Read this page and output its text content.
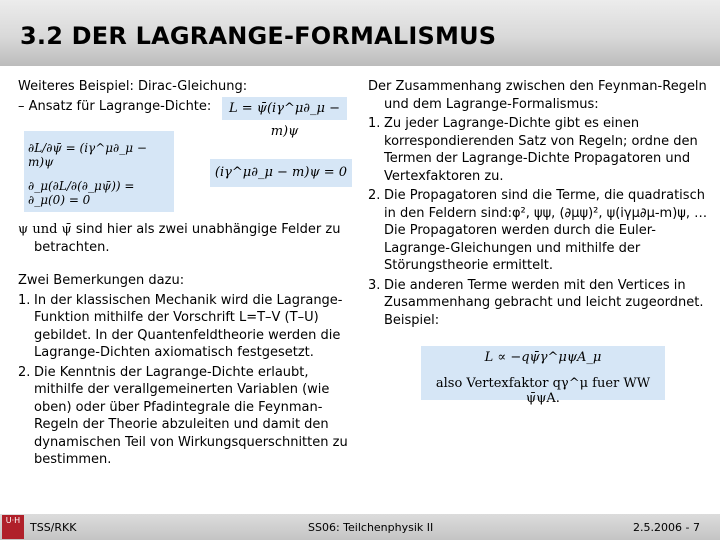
3.2 DER LAGRANGE-FORMALISMUS
Weiteres Beispiel: Dirac-Gleichung:
– Ansatz für Lagrange-Dichte:
ψ und ψ̄ sind hier als zwei unabhängige Felder zu betrachten.
Zwei Bemerkungen dazu:
1. In der klassischen Mechanik wird die Lagrange-Funktion mithilfe der Vorschrift L=T–V (T–U) gebildet. In der Quantenfeldtheorie werden die Lagrange-Dichten axiomatisch festgesetzt.
2. Die Kenntnis der Lagrange-Dichte erlaubt, mithilfe der verallgemeinerten Variablen (wie oben) oder über Pfadintegrale die Feynman-Regeln der Theorie abzuleiten und damit den dynamischen Teil von Wirkungsquerschnitten zu bestimmen.
L = ψ̄(iγ^μ∂_μ − m)ψ
∂L/∂ψ̄ = (iγ^μ∂_μ − m)ψ
∂_μ(∂L/∂(∂_μψ̄)) = ∂_μ(0) = 0
(iγ^μ∂_μ − m)ψ = 0
Der Zusammenhang zwischen den Feynman-Regeln und dem Lagrange-Formalismus:
1. Zu jeder Lagrange-Dichte gibt es einen korrespondierenden Satz von Regeln; ordne den Termen der Lagrange-Dichte Propagatoren und Vertexfaktoren zu.
2. Die Propagatoren sind die Terme, die quadratisch in den Feldern sind:φ², ψψ, (∂μψ)², ψ(iγμ∂μ-m)ψ, … Die Propagatoren werden durch die Euler-Lagrange-Gleichungen und mithilfe der Störungstheorie ermittelt.
3. Die anderen Terme werden mit den Vertices in Zusammenhang gebracht und leicht zugeordnet. Beispiel:
L ∝ −qψ̄γ^μψA_μ
also Vertexfaktor qγ^μ fuer WW ψ̄ψA.
TSS/RKK	SS06: Teilchenphysik II	2.5.2006 - 7
U·H
